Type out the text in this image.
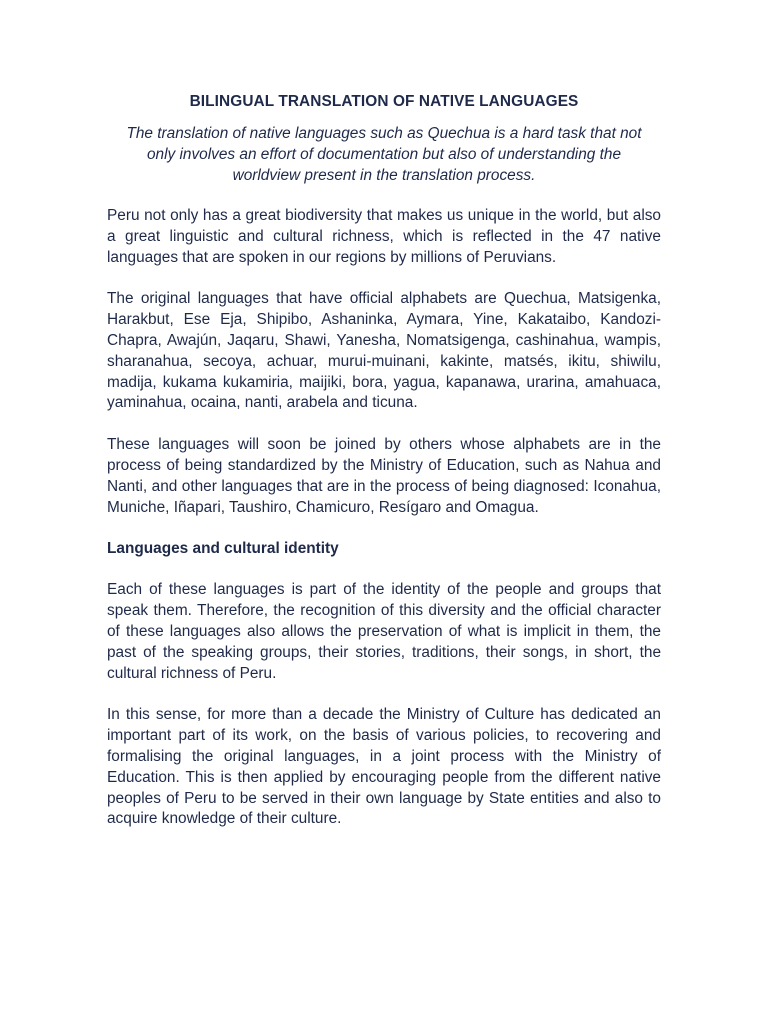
BILINGUAL TRANSLATION OF NATIVE LANGUAGES
The translation of native languages such as Quechua is a hard task that not only involves an effort of documentation but also of understanding the worldview present in the translation process.

Peru not only has a great biodiversity that makes us unique in the world, but also a great linguistic and cultural richness, which is reflected in the 47 native languages that are spoken in our regions by millions of Peruvians.

The original languages that have official alphabets are Quechua, Matsigenka, Harakbut, Ese Eja, Shipibo, Ashaninka, Aymara, Yine, Kakataibo, Kandozi-Chapra, Awajún, Jaqaru, Shawi, Yanesha, Nomatsigenga, cashinahua, wampis, sharanahua, secoya, achuar, murui-muinani, kakinte, matsés, ikitu, shiwilu, madija, kukama kukamiria, maijiki, bora, yagua, kapanawa, urarina, amahuaca, yaminahua, ocaina, nanti, arabela and ticuna.

These languages will soon be joined by others whose alphabets are in the process of being standardized by the Ministry of Education, such as Nahua and Nanti, and other languages that are in the process of being diagnosed: Iconahua, Muniche, Iñapari, Taushiro, Chamicuro, Resígaro and Omagua.

Languages and cultural identity

Each of these languages is part of the identity of the people and groups that speak them. Therefore, the recognition of this diversity and the official character of these languages also allows the preservation of what is implicit in them, the past of the speaking groups, their stories, traditions, their songs, in short, the cultural richness of Peru.

In this sense, for more than a decade the Ministry of Culture has dedicated an important part of its work, on the basis of various policies, to recovering and formalising the original languages, in a joint process with the Ministry of Education. This is then applied by encouraging people from the different native peoples of Peru to be served in their own language by State entities and also to acquire knowledge of their culture.
